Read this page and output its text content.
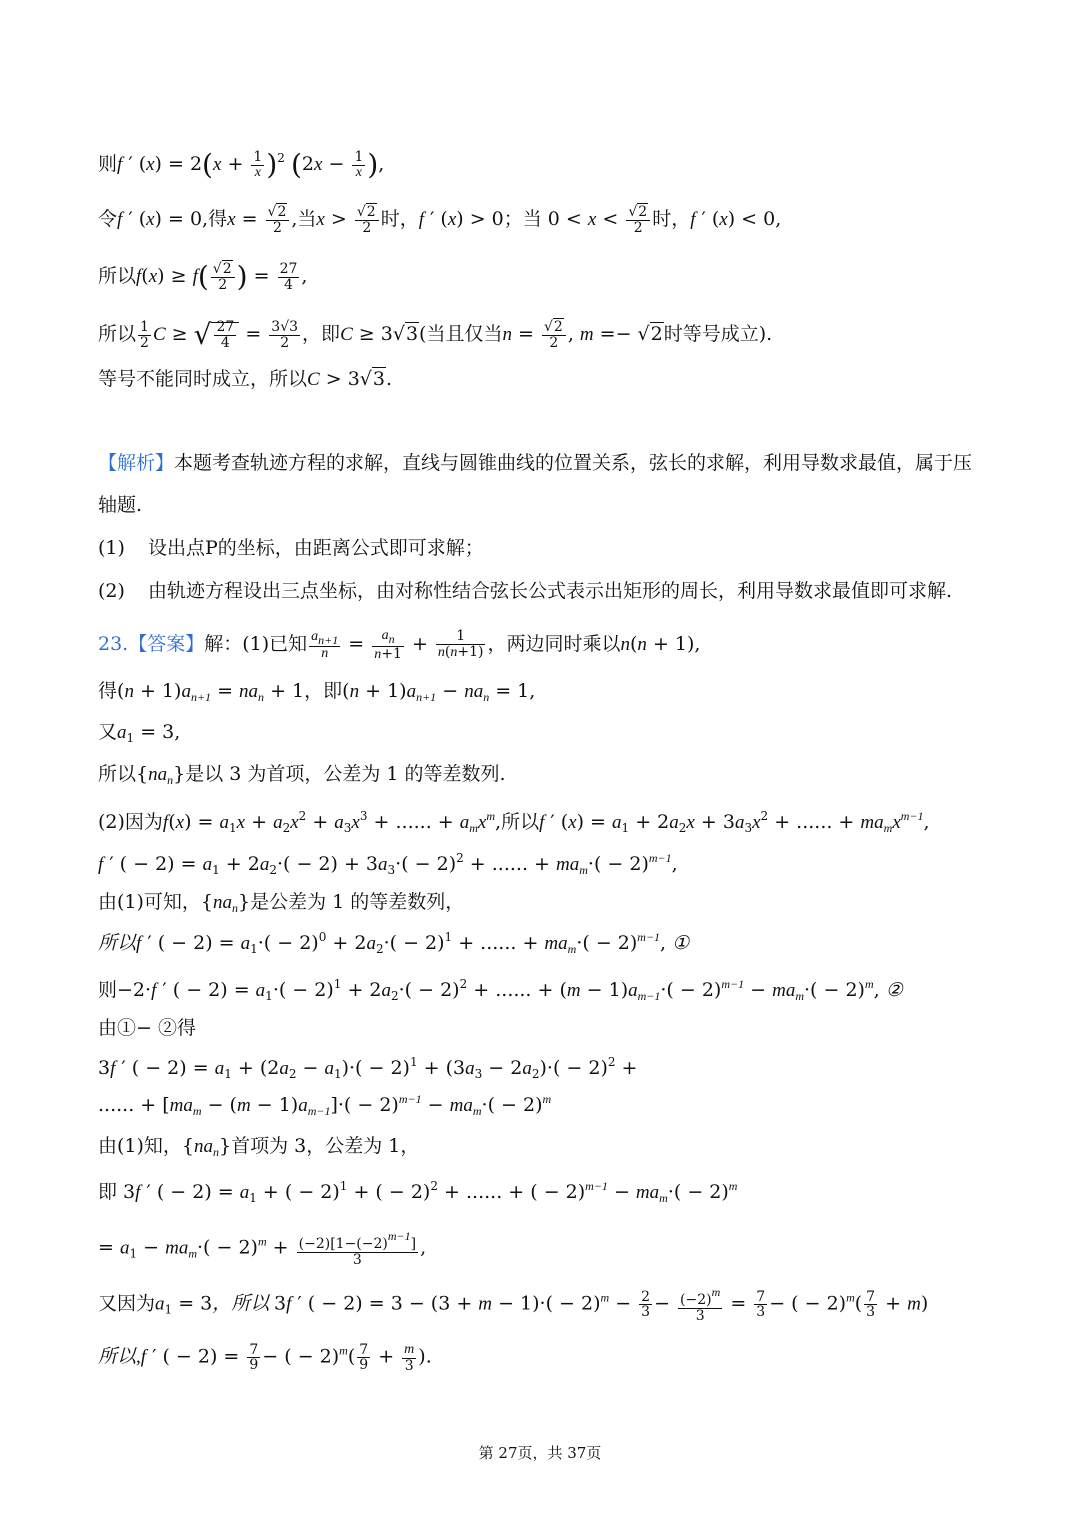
则f ′ $(x) = 2(x + \frac{1}{x} )^2$ ($2x - \frac{1}{x}$ ),
令f ′ (x) = 0,得$x = \frac{√2}{2}$ ,当$x > \frac{√2}{2}$ 时，f ′ (x) > 0；当 $0 < x < \frac{√2}{2}$ 时，f ′ (x) < 0,
所以$f(x) \ge f( \frac{√2}{2}$ ) = $\frac{27}{4}$ ,
所以 $\frac{1}{2}$ C ≥ √ $\frac{27}{4} = \frac{3√3}{2}$ ，即C ≥ 3√3(当且仅当$n = \frac{√2}{2}$ , m =− √2时等号成立).
等号不能同时成立，所以C > 3√3.
【解析】本题考查轨迹方程的求解，直线与圆锥曲线的位置关系，弦长的求解，利用导数求最值，属于压
轴题.
(1) 设出点P的坐标，由距离公式即可求解；
(2) 由轨迹方程设出三点坐标，由对称性结合弦长公式表示出矩形的周长，利用导数求最值即可求解.
23.【答案】解：(1)已知 $\frac{a_{n+1}}{n} = \frac{a_n}{n+1} + \frac{1}{n(n+1)}$ ，两边同时乘以n(n + 1),
得$(n + 1)a_{n+1} = na_n + 1$，即$(n + 1)a_{n+1} - na_n = 1$,
又$a_1 = 3$,
所以$\{na_n\}$是以 3 为首项，公差为 1 的等差数列.
(2)因为$f(x) = a_1x + a_2x^2 + a_3x^3$ + ...... + $a_mx^m$,所以f ′ $(x) = a_1 + 2a_2x + 3a_3x^2$ + ...... + $ma_mx^{m-1}$,
f ′ ( − $2) = a_1 + 2a_2\cdot( - 2) + 3a_3\cdot( - 2)^2$ + ...... + $ma_m\cdot( - 2)^{m-1}$,
由(1)可知，$\{na_n\}$是公差为 1 的等差数列，
所以f ′ ( − $2) = a_1\cdot( - 2)^0 + 2a_2\cdot( - 2)^1$ + ...... + $ma_m\cdot( - 2)^{m-1}$, ①
则−2·f ′ ( − $2) = a_1\cdot( - 2)^1 + 2a_2\cdot( - 2)^2$ + ...... + $(m - 1)a_{m-1}\cdot( - 2)^{m-1} - ma_m\cdot( - 2)^m$, ②
由①− ②得
3f ′ ( − $2) = a_1 + (2a_2 - a_1)\cdot( - 2)^1 + (3a_3 - 2a_2)\cdot( - 2)^2$ +
...... + $[ma_m - (m - 1)a_{m-1}]\cdot( - 2)^{m-1} - ma_m\cdot( - 2)^m$
由(1)知，$\{na_n\}$首项为 3，公差为 1，
即 3f ′ ( − $2) = a_1$ + ( − 2)$^1$ + ( − 2)$^2$ + ...... + ( − $2)^{m-1} - ma_m\cdot( - 2)^m$
= $a_1 - ma_m\cdot( - 2)^m + \frac{(-2)[1-(-2)^{m-1}]}{3}$ ,
又因为$a_1 = 3$，所以 3f ′ ( − $2) = 3 - (3 + m - 1)\cdot( - 2)^m - \frac{2}{3} - \frac{(-2)^m}{3} = \frac{7}{3}$ − ( − $2)^m( \frac{7}{3} + m)$
所以,f ′ ( − $2) = \frac{7}{9}$ − ( − $2)^m( \frac{7}{9} + \frac{m}{3}$ ).
第 27页，共 37页
